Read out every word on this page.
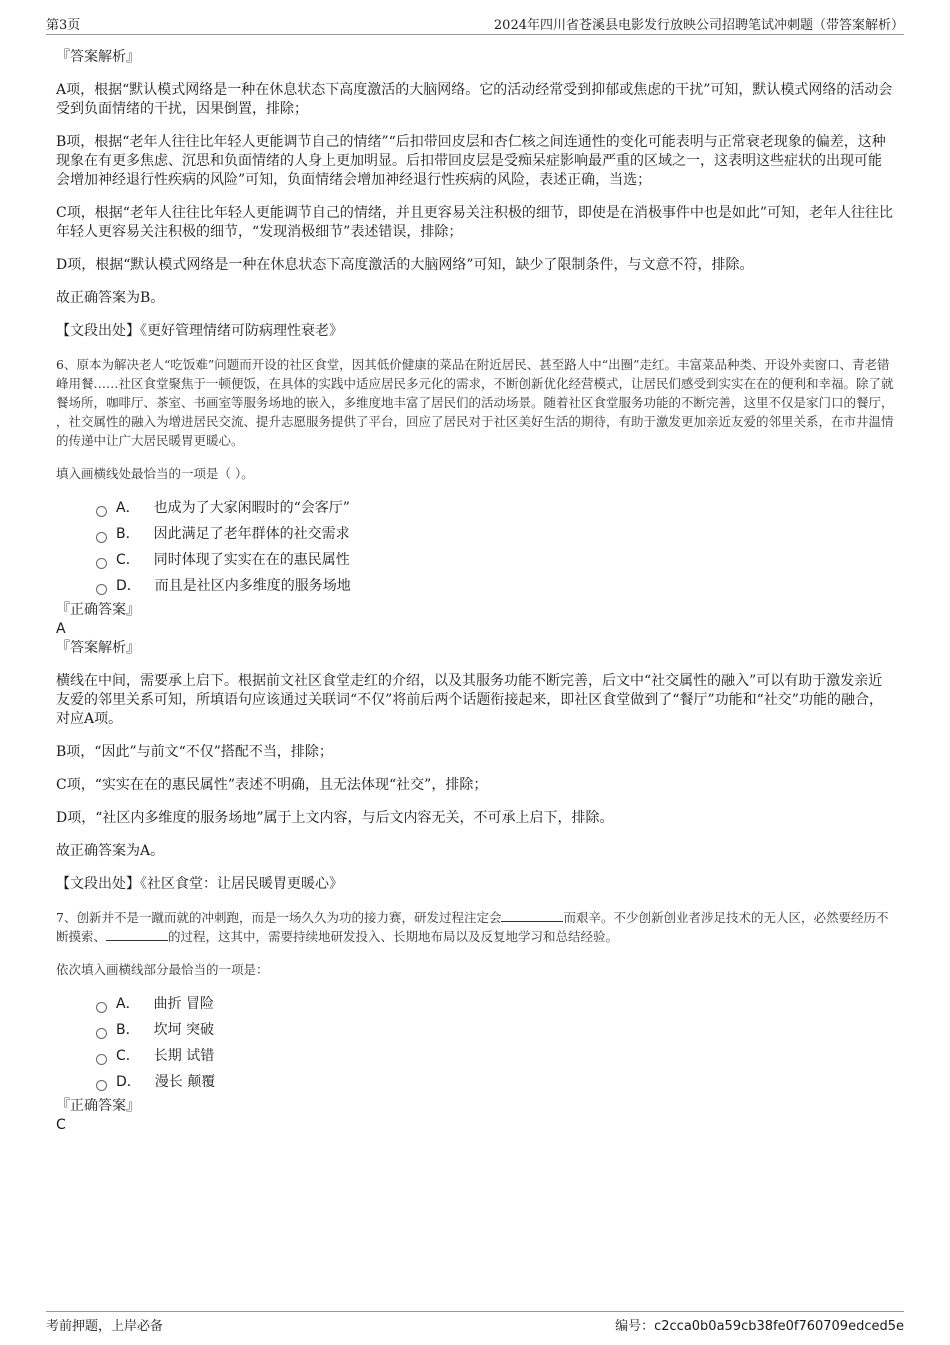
第3页	2024年四川省苍溪县电影发行放映公司招聘笔试冲刺题（带答案解析）

『答案解析』

A项，根据“默认模式网络是一种在休息状态下高度激活的大脑网络。它的活动经常受到抑郁或焦虑的干扰”可知，默认模式网络的活动会受到负面情绪的干扰，因果倒置，排除；

B项，根据“老年人往往比年轻人更能调节自己的情绪”“后扣带回皮层和杏仁核之间连通性的变化可能表明与正常衰老现象的偏差，这种现象在有更多焦虑、沉思和负面情绪的人身上更加明显。后扣带回皮层是受痴呆症影响最严重的区域之一，这表明这些症状的出现可能会增加神经退行性疾病的风险”可知，负面情绪会增加神经退行性疾病的风险，表述正确，当选；

C项，根据“老年人往往比年轻人更能调节自己的情绪，并且更容易关注积极的细节，即使是在消极事件中也是如此”可知，老年人往往比年轻人更容易关注积极的细节，“发现消极细节”表述错误，排除；

D项，根据“默认模式网络是一种在休息状态下高度激活的大脑网络”可知，缺少了限制条件，与文意不符，排除。

故正确答案为B。

【文段出处】《更好管理情绪可防病理性衰老》

6、原本为解决老人“吃饭难”问题而开设的社区食堂，因其低价健康的菜品在附近居民、甚至路人中“出圈”走红。丰富菜品种类、开设外卖窗口、青老错峰用餐……社区食堂聚焦于一顿便饭，在具体的实践中适应居民多元化的需求，不断创新优化经营模式，让居民们感受到实实在在的便利和幸福。除了就餐场所，咖啡厅、茶室、书画室等服务场地的嵌入，多维度地丰富了居民们的活动场景。随着社区食堂服务功能的不断完善，这里不仅是家门口的餐厅， ，社交属性的融入为增进居民交流、提升志愿服务提供了平台，回应了居民对于社区美好生活的期待，有助于激发更加亲近友爱的邻里关系，在市井温情的传递中让广大居民暖胃更暖心。

填入画横线处最恰当的一项是（ ）。

A． 也成为了大家闲暇时的“会客厅”
B． 因此满足了老年群体的社交需求
C． 同时体现了实实在在的惠民属性
D． 而且是社区内多维度的服务场地

『正确答案』

A

『答案解析』

横线在中间，需要承上启下。根据前文社区食堂走红的介绍，以及其服务功能不断完善，后文中“社交属性的融入”可以有助于激发亲近友爱的邻里关系可知，所填语句应该通过关联词“不仅”将前后两个话题衔接起来，即社区食堂做到了“餐厅”功能和“社交”功能的融合，对应A项。

B项，“因此”与前文“不仅”搭配不当，排除；

C项，“实实在在的惠民属性”表述不明确，且无法体现“社交”，排除；

D项，“社区内多维度的服务场地”属于上文内容，与后文内容无关，不可承上启下，排除。

故正确答案为A。

【文段出处】《社区食堂：让居民暖胃更暖心》

7、创新并不是一蹴而就的冲刺跑，而是一场久久为功的接力赛，研发过程注定会	而艰辛。不少创新创业者涉足技术的无人区，必然要经历不断摸索、	的过程，这其中，需要持续地研发投入、长期地布局以及反复地学习和总结经验。

依次填入画横线部分最恰当的一项是：

A． 曲折 冒险
B． 坎坷 突破
C． 长期 试错
D． 漫长 颠覆

『正确答案』

C

考前押题，上岸必备	编号：c2cca0b0a59cb38fe0f760709edced5e
